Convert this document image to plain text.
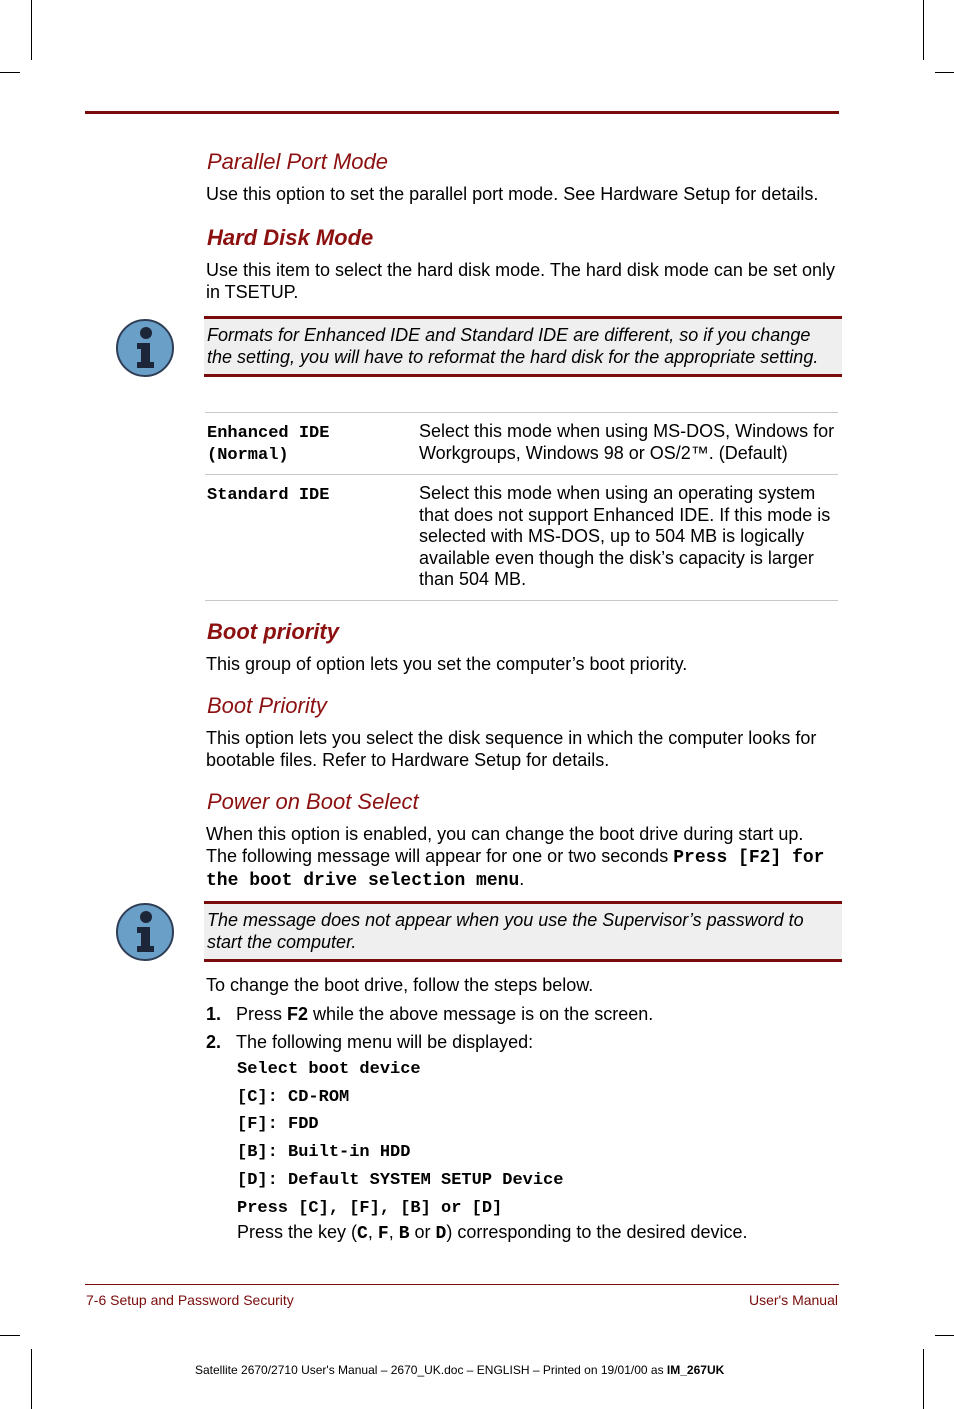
Parallel Port Mode

Use this option to set the parallel port mode. See Hardware Setup for details.

Hard Disk Mode

Use this item to select the hard disk mode. The hard disk mode can be set only in TSETUP.

Formats for Enhanced IDE and Standard IDE are different, so if you change the setting, you will have to reformat the hard disk for the appropriate setting.

Enhanced IDE
(Normal)	Select this mode when using MS-DOS, Windows for Workgroups, Windows 98 or OS/2™. (Default)
Standard IDE	Select this mode when using an operating system that does not support Enhanced IDE. If this mode is selected with MS-DOS, up to 504 MB is logically available even though the disk’s capacity is larger than 504 MB.
Boot priority

This group of option lets you set the computer’s boot priority.

Boot Priority

This option lets you select the disk sequence in which the computer looks for bootable files. Refer to Hardware Setup for details.

Power on Boot Select

When this option is enabled, you can change the boot drive during start up. The following message will appear for one or two seconds Press [F2] for the boot drive selection menu.

The message does not appear when you use the Supervisor’s password to start the computer.

To change the boot drive, follow the steps below.

1. Press F2 while the above message is on the screen.
2. The following menu will be displayed:
Select boot device
[C]: CD-ROM
[F]: FDD
[B]: Built-in HDD
[D]: Default SYSTEM SETUP Device
Press [C], [F], [B] or [D]

Press the key (C, F, B or D) corresponding to the desired device.

7-6 Setup and Password Security	User's Manual
Satellite 2670/2710 User's Manual – 2670_UK.doc – ENGLISH – Printed on 19/01/00 as IM_267UK
